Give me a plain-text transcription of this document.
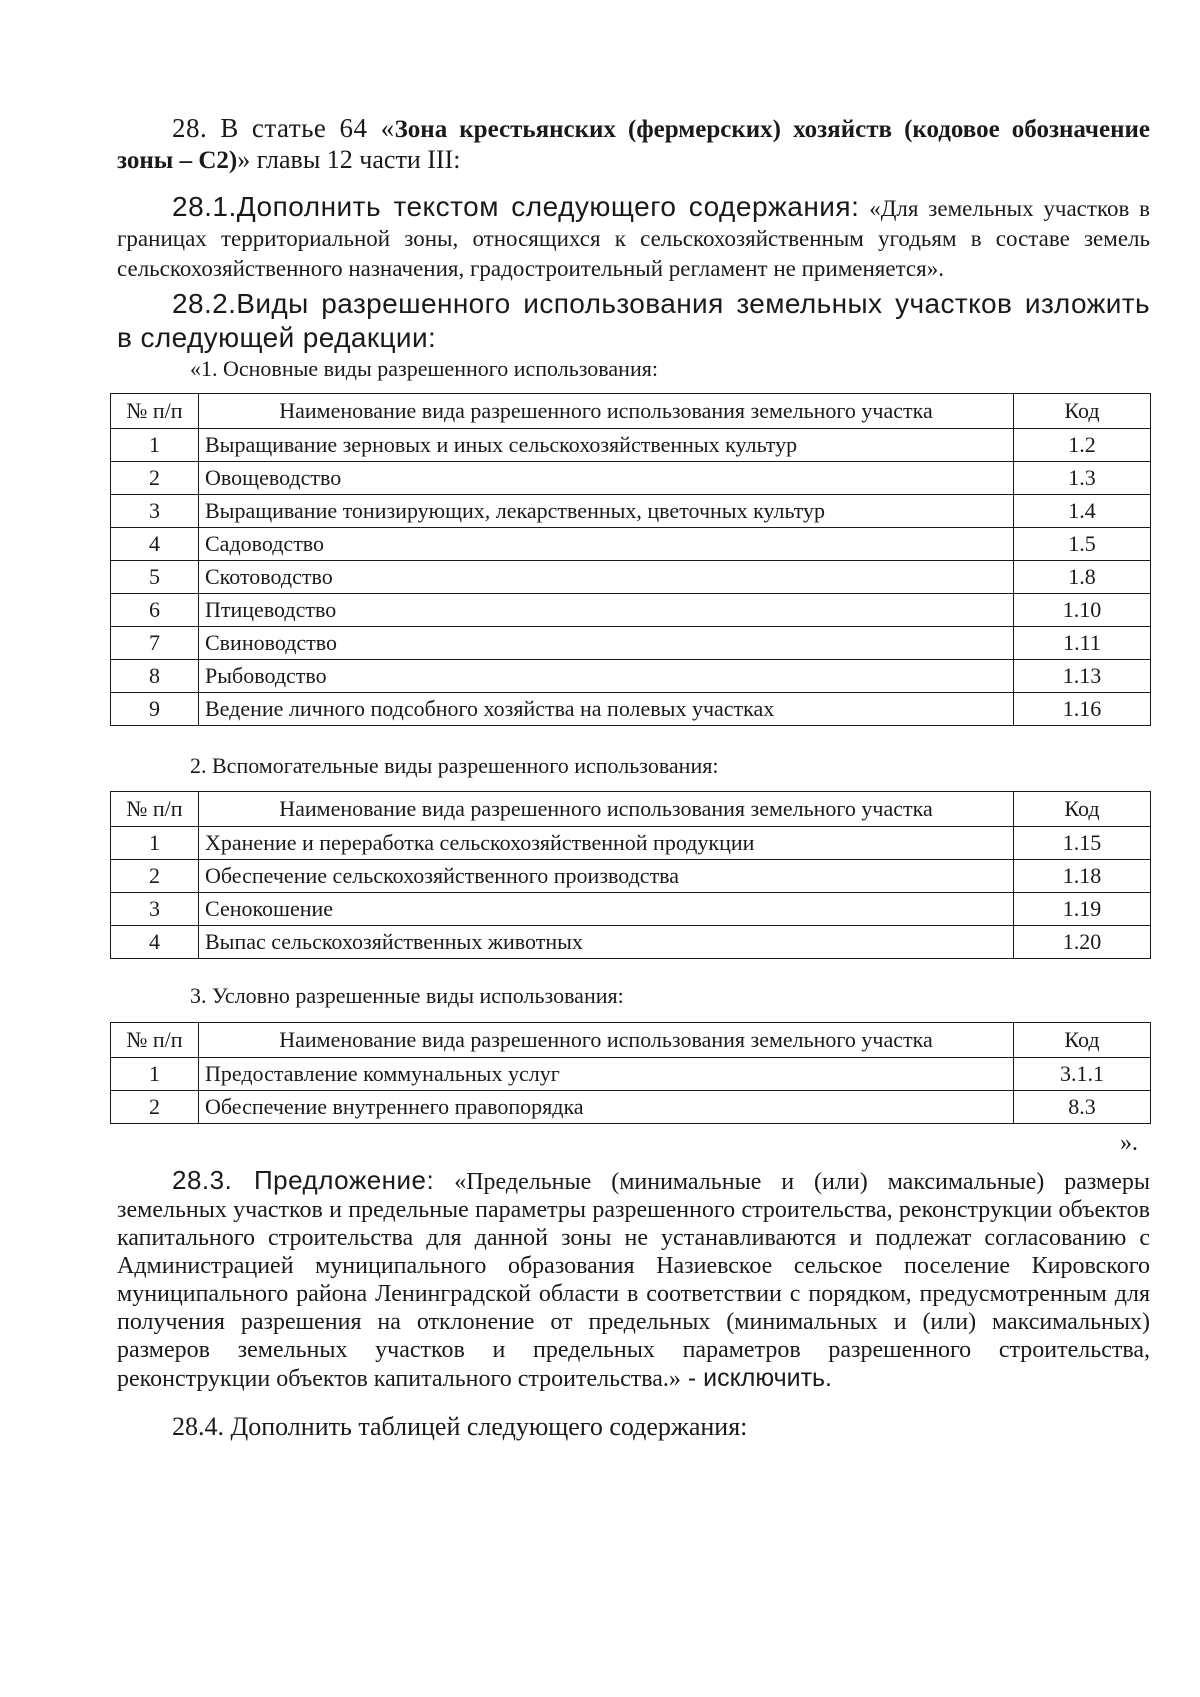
28. В статье 64 «Зона крестьянских (фермерских) хозяйств (кодовое обозначение зоны – С2)» главы 12 части III:

28.1.Дополнить текстом следующего содержания: «Для земельных участков в границах территориальной зоны, относящихся к сельскохозяйственным угодьям в составе земель сельскохозяйственного назначения, градостроительный регламент не применяется».

28.2.Виды разрешенного использования земельных участков изложить в следующей редакции:

«1. Основные виды разрешенного использования:
№ п/п	Наименование вида разрешенного использования земельного участка	Код
1	Выращивание зерновых и иных сельскохозяйственных культур	1.2
2	Овощеводство	1.3
3	Выращивание тонизирующих, лекарственных, цветочных культур	1.4
4	Садоводство	1.5
5	Скотоводство	1.8
6	Птицеводство	1.10
7	Свиноводство	1.11
8	Рыбоводство	1.13
9	Ведение личного подсобного хозяйства на полевых участках	1.16
2. Вспомогательные виды разрешенного использования:
№ п/п	Наименование вида разрешенного использования земельного участка	Код
1	Хранение и переработка сельскохозяйственной продукции	1.15
2	Обеспечение сельскохозяйственного производства	1.18
3	Сенокошение	1.19
4	Выпас сельскохозяйственных животных	1.20
3. Условно разрешенные виды использования:
№ п/п	Наименование вида разрешенного использования земельного участка	Код
1	Предоставление коммунальных услуг	3.1.1
2	Обеспечение внутреннего правопорядка	8.3
».

28.3. Предложение: «Предельные (минимальные и (или) максимальные) размеры земельных участков и предельные параметры разрешенного строительства, реконструкции объектов капитального строительства для данной зоны не устанавливаются и подлежат согласованию с Администрацией муниципального образования Назиевское сельское поселение Кировского муниципального района Ленинградской области в соответствии с порядком, предусмотренным для получения разрешения на отклонение от предельных (минимальных и (или) максимальных) размеров земельных участков и предельных параметров разрешенного строительства, реконструкции объектов капитального строительства.» - исключить.

28.4. Дополнить таблицей следующего содержания:
